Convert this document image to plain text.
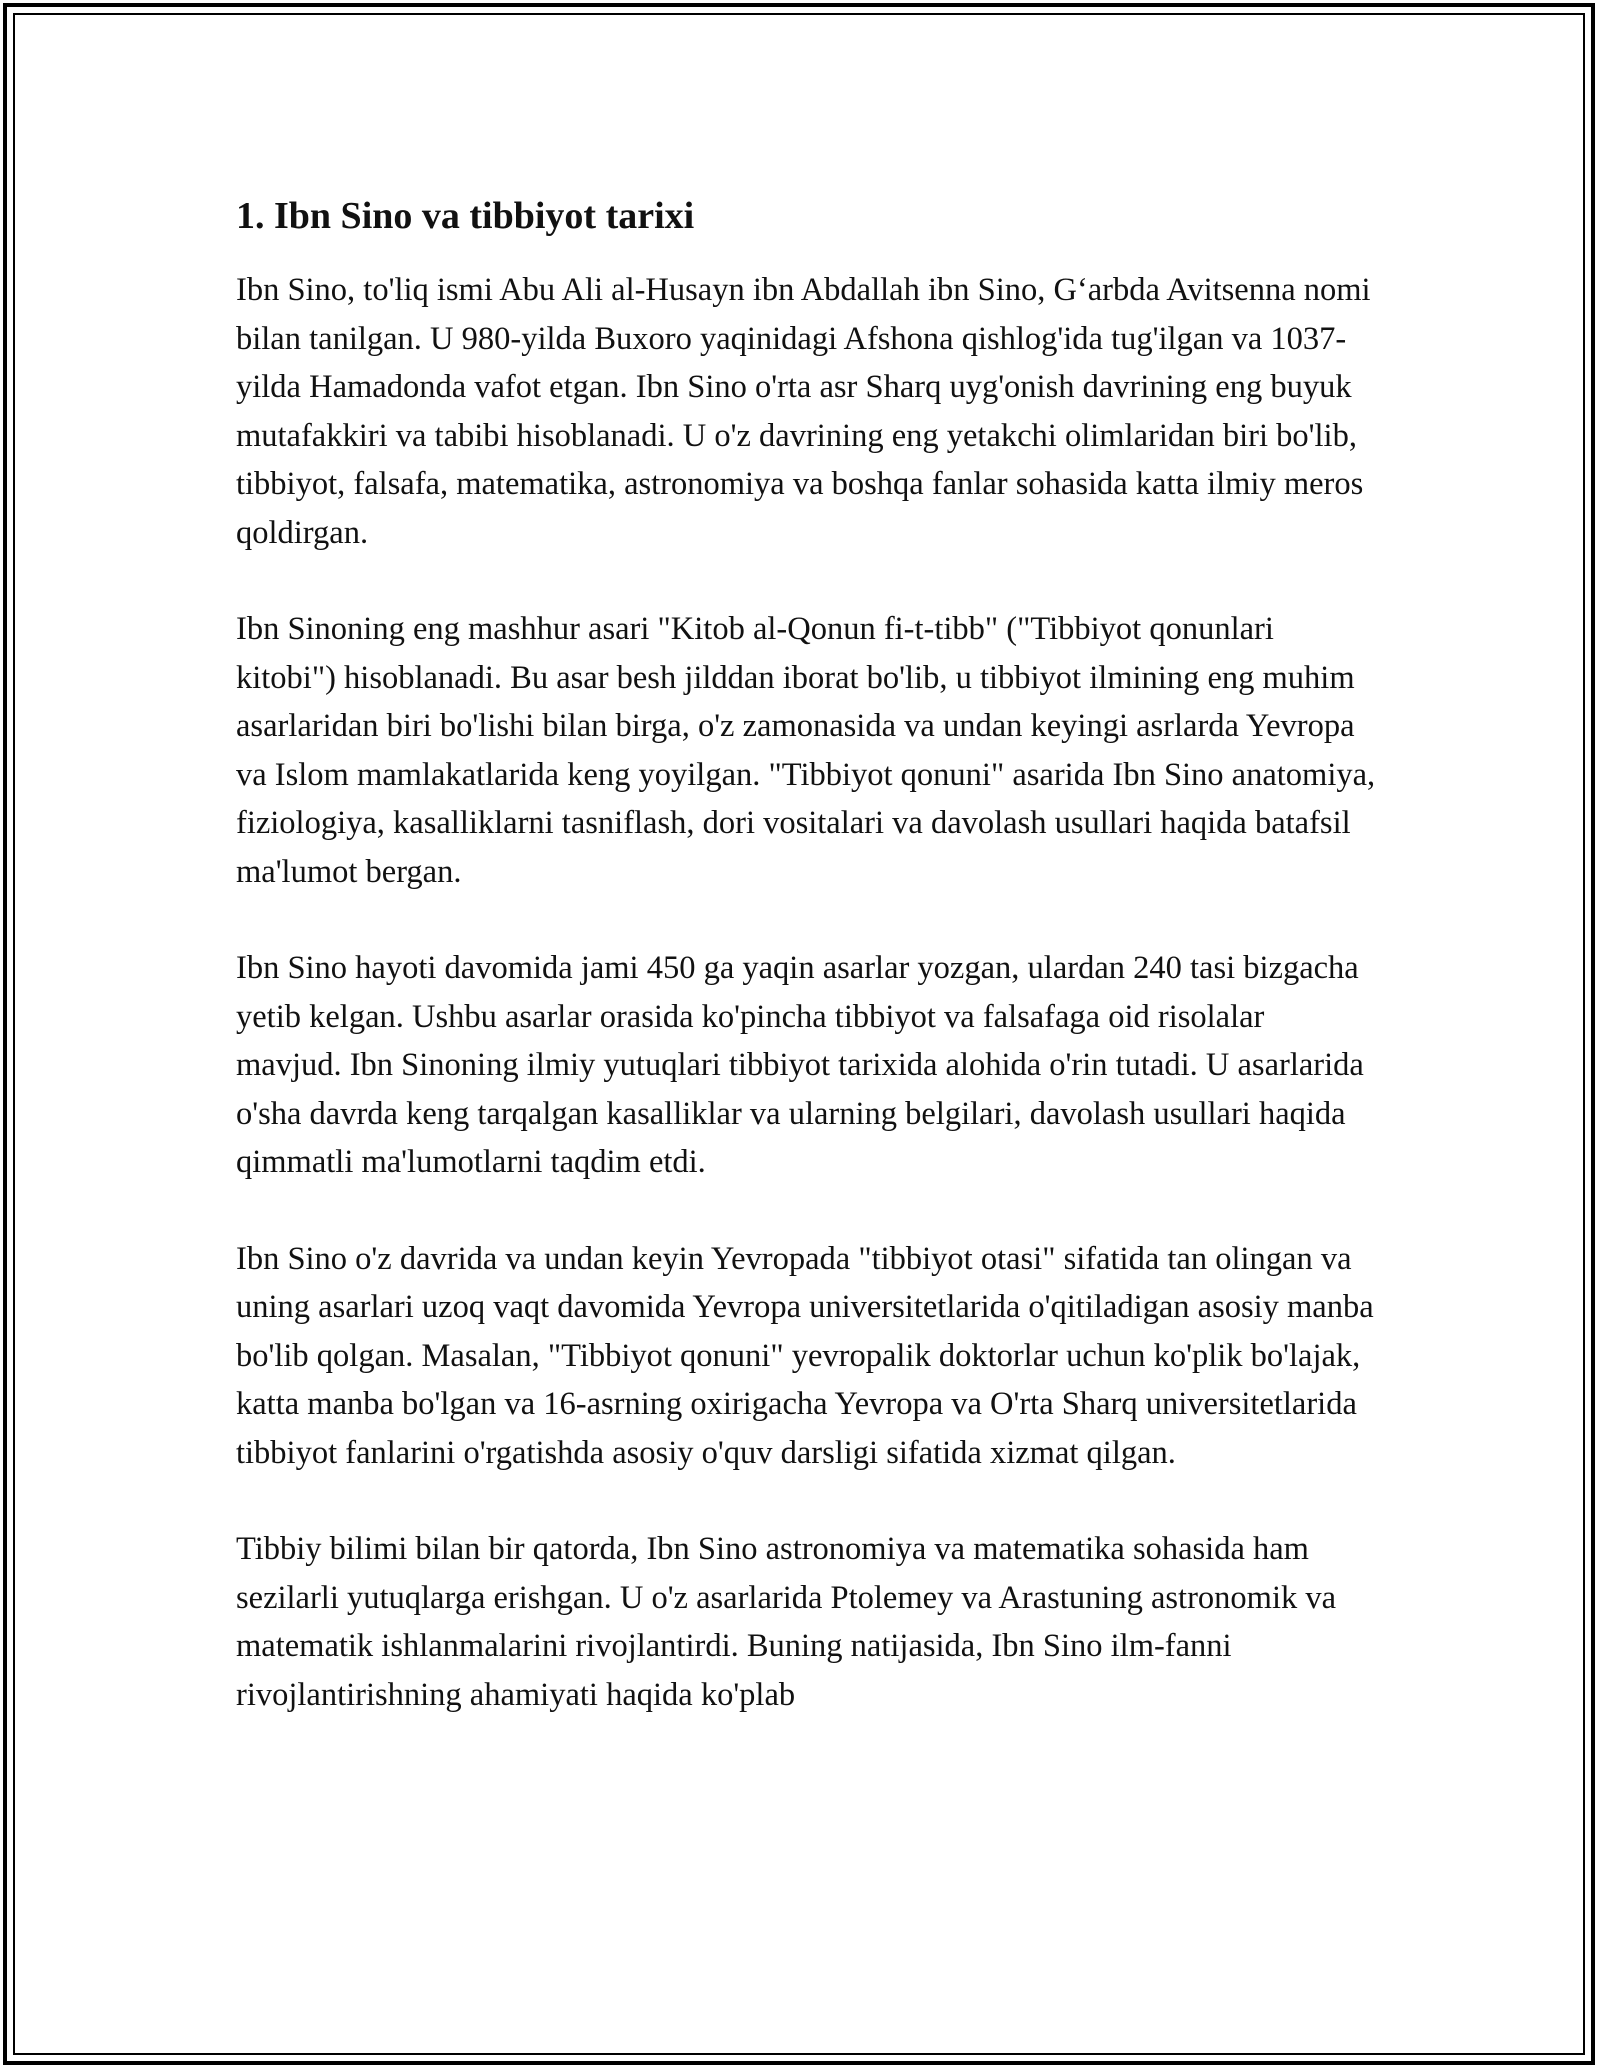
1. Ibn Sino va tibbiyot tarixi

Ibn Sino, to'liq ismi Abu Ali al-Husayn ibn Abdallah ibn Sino, G‘arbda Avitsenna nomi bilan tanilgan. U 980-yilda Buxoro yaqinidagi Afshona qishlog'ida tug'ilgan va 1037-yilda Hamadonda vafot etgan. Ibn Sino o'rta asr Sharq uyg'onish davrining eng buyuk mutafakkiri va tabibi hisoblanadi. U o'z davrining eng yetakchi olimlaridan biri bo'lib, tibbiyot, falsafa, matematika, astronomiya va boshqa fanlar sohasida katta ilmiy meros qoldirgan.

Ibn Sinoning eng mashhur asari "Kitob al-Qonun fi-t-tibb" ("Tibbiyot qonunlari kitobi") hisoblanadi. Bu asar besh jilddan iborat bo'lib, u tibbiyot ilmining eng muhim asarlaridan biri bo'lishi bilan birga, o'z zamonasida va undan keyingi asrlarda Yevropa va Islom mamlakatlarida keng yoyilgan. "Tibbiyot qonuni" asarida Ibn Sino anatomiya, fiziologiya, kasalliklarni tasniflash, dori vositalari va davolash usullari haqida batafsil ma'lumot bergan.

Ibn Sino hayoti davomida jami 450 ga yaqin asarlar yozgan, ulardan 240 tasi bizgacha yetib kelgan. Ushbu asarlar orasida ko'pincha tibbiyot va falsafaga oid risolalar mavjud. Ibn Sinoning ilmiy yutuqlari tibbiyot tarixida alohida o'rin tutadi. U asarlarida o'sha davrda keng tarqalgan kasalliklar va ularning belgilari, davolash usullari haqida qimmatli ma'lumotlarni taqdim etdi.

Ibn Sino o'z davrida va undan keyin Yevropada "tibbiyot otasi" sifatida tan olingan va uning asarlari uzoq vaqt davomida Yevropa universitetlarida o'qitiladigan asosiy manba bo'lib qolgan. Masalan, "Tibbiyot qonuni" yevropalik doktorlar uchun ko'plik bo'lajak, katta manba bo'lgan va 16-asrning oxirigacha Yevropa va O'rta Sharq universitetlarida tibbiyot fanlarini o'rgatishda asosiy o'quv darsligi sifatida xizmat qilgan.

Tibbiy bilimi bilan bir qatorda, Ibn Sino astronomiya va matematika sohasida ham sezilarli yutuqlarga erishgan. U o'z asarlarida Ptolemey va Arastuning astronomik va matematik ishlanmalarini rivojlantirdi. Buning natijasida, Ibn Sino ilm-fanni rivojlantirishning ahamiyati haqida ko'plab
